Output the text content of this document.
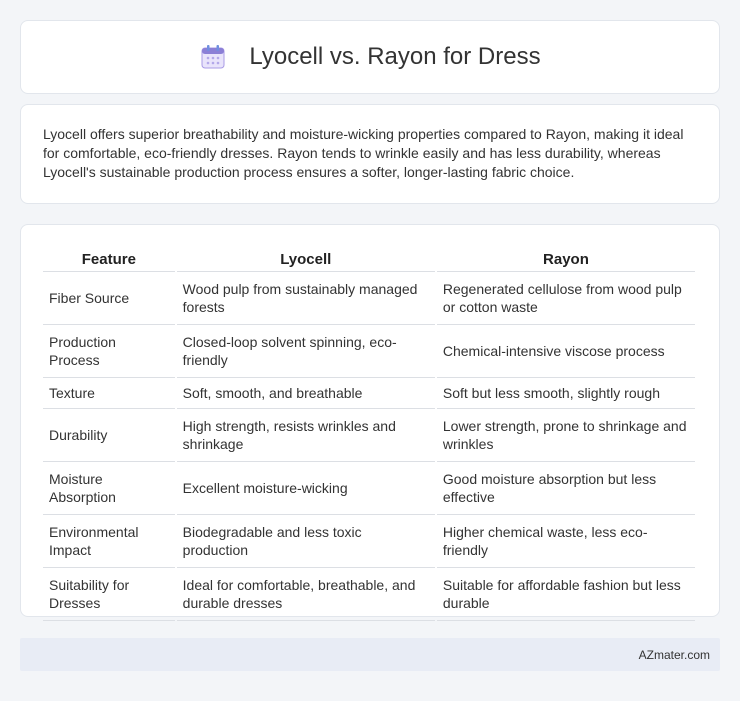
Lyocell vs. Rayon for Dress

Lyocell offers superior breathability and moisture-wicking properties compared to Rayon, making it ideal for comfortable, eco-friendly dresses. Rayon tends to wrinkle easily and has less durability, whereas Lyocell's sustainable production process ensures a softer, longer-lasting fabric choice.

Feature	Lyocell	Rayon
Fiber Source	Wood pulp from sustainably managed forests	Regenerated cellulose from wood pulp or cotton waste
Production Process	Closed-loop solvent spinning, eco-friendly	Chemical-intensive viscose process
Texture	Soft, smooth, and breathable	Soft but less smooth, slightly rough
Durability	High strength, resists wrinkles and shrinkage	Lower strength, prone to shrinkage and wrinkles
Moisture Absorption	Excellent moisture-wicking	Good moisture absorption but less effective
Environmental Impact	Biodegradable and less toxic production	Higher chemical waste, less eco-friendly
Suitability for Dresses	Ideal for comfortable, breathable, and durable dresses	Suitable for affordable fashion but less durable
AZmater.com
